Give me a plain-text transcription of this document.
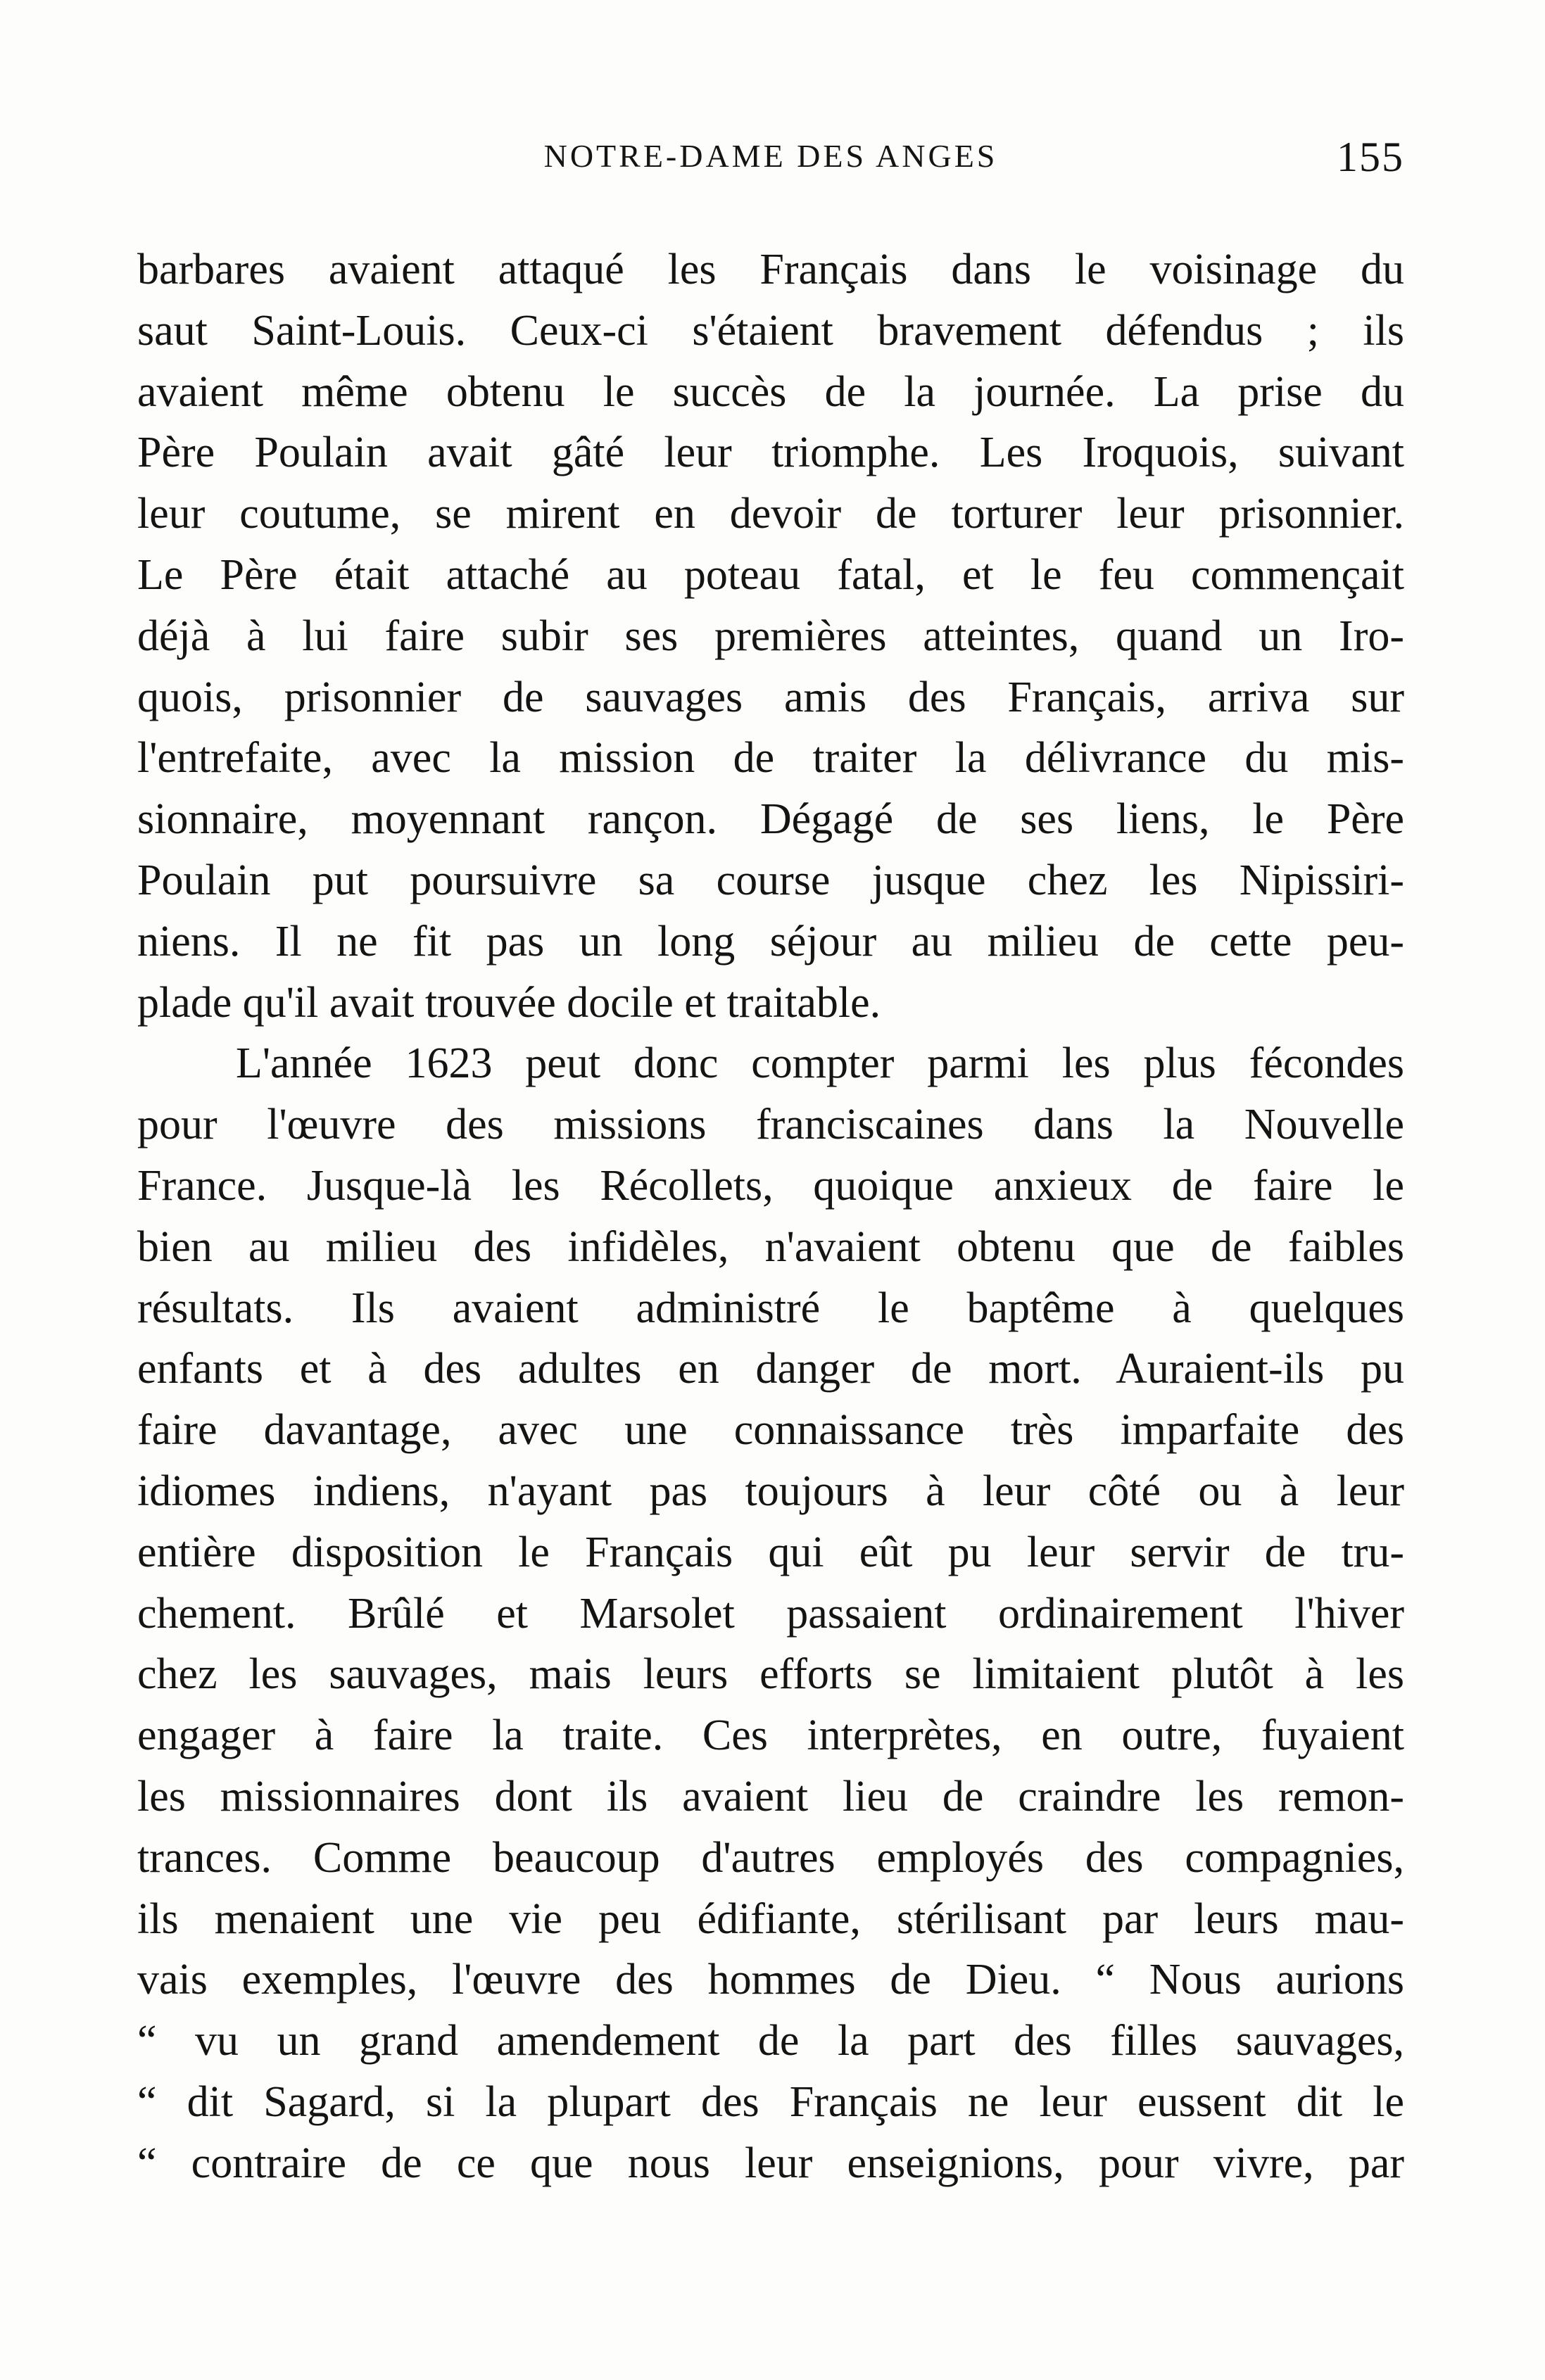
NOTRE-DAME DES ANGES	155
barbares avaient attaqué les Français dans le voisinage du
saut Saint-Louis. Ceux-ci s'étaient bravement défendus ; ils
avaient même obtenu le succès de la journée. La prise du
Père Poulain avait gâté leur triomphe. Les Iroquois, suivant
leur coutume, se mirent en devoir de torturer leur prisonnier.
Le Père était attaché au poteau fatal, et le feu commençait
déjà à lui faire subir ses premières atteintes, quand un Iro-
quois, prisonnier de sauvages amis des Français, arriva sur
l'entrefaite, avec la mission de traiter la délivrance du mis-
sionnaire, moyennant rançon. Dégagé de ses liens, le Père
Poulain put poursuivre sa course jusque chez les Nipissiri-
niens. Il ne fit pas un long séjour au milieu de cette peu-
plade qu'il avait trouvée docile et traitable.
L'année 1623 peut donc compter parmi les plus fécondes
pour l'œuvre des missions franciscaines dans la Nouvelle
France. Jusque-là les Récollets, quoique anxieux de faire le
bien au milieu des infidèles, n'avaient obtenu que de faibles
résultats. Ils avaient administré le baptême à quelques
enfants et à des adultes en danger de mort. Auraient-ils pu
faire davantage, avec une connaissance très imparfaite des
idiomes indiens, n'ayant pas toujours à leur côté ou à leur
entière disposition le Français qui eût pu leur servir de tru-
chement. Brûlé et Marsolet passaient ordinairement l'hiver
chez les sauvages, mais leurs efforts se limitaient plutôt à les
engager à faire la traite. Ces interprètes, en outre, fuyaient
les missionnaires dont ils avaient lieu de craindre les remon-
trances. Comme beaucoup d'autres employés des compagnies,
ils menaient une vie peu édifiante, stérilisant par leurs mau-
vais exemples, l'œuvre des hommes de Dieu. “ Nous aurions
“ vu un grand amendement de la part des filles sauvages,
“ dit Sagard, si la plupart des Français ne leur eussent dit le
“ contraire de ce que nous leur enseignions, pour vivre, par
